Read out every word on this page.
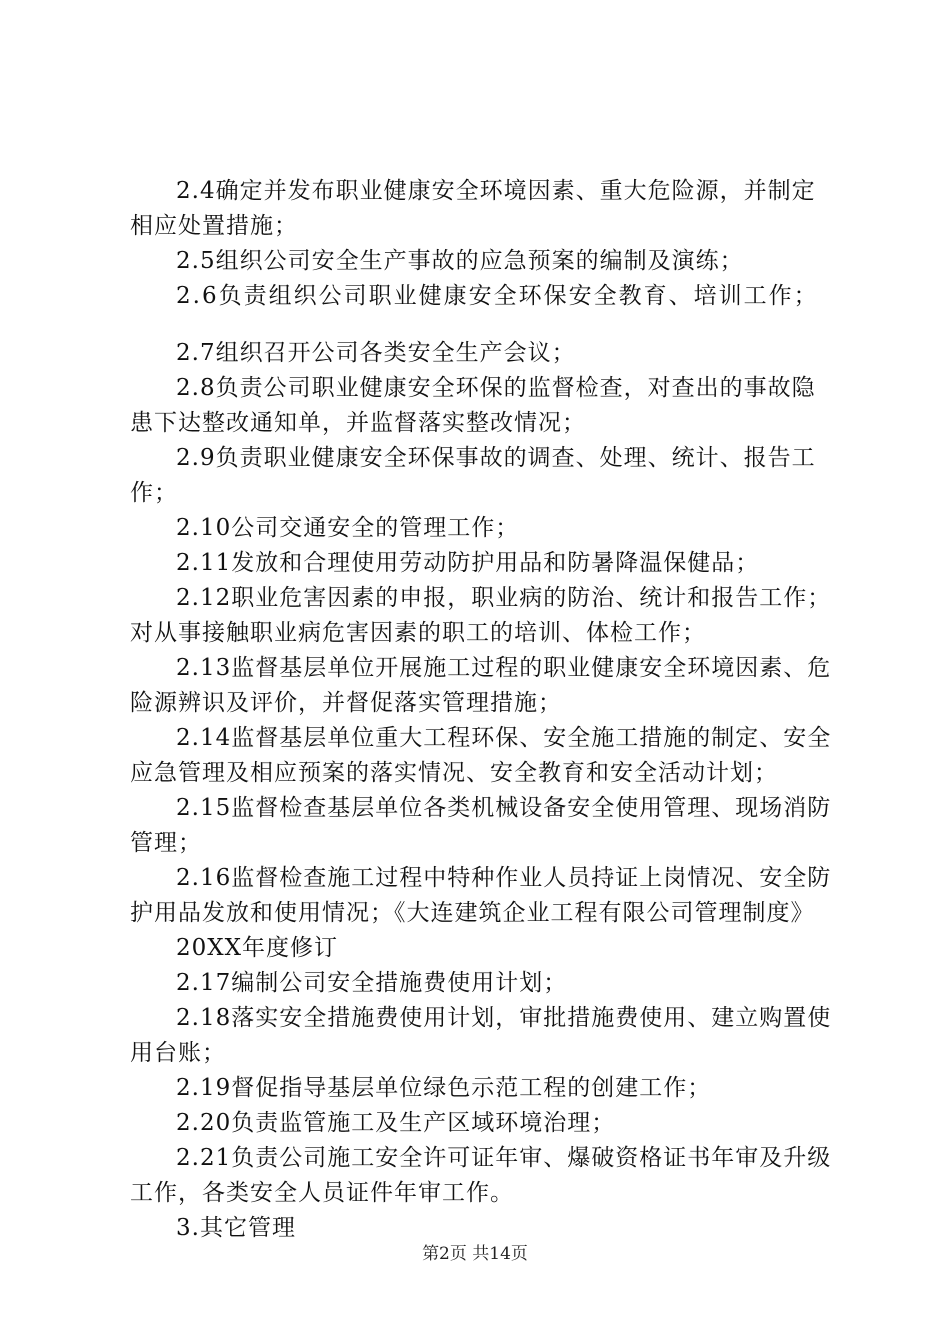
2.4确定并发布职业健康安全环境因素、重大危险源，并制定相应处置措施；

2.5组织公司安全生产事故的应急预案的编制及演练；

2.6负责组织公司职业健康安全环保安全教育、培训工作；

2.7组织召开公司各类安全生产会议；

2.8负责公司职业健康安全环保的监督检查，对查出的事故隐患下达整改通知单，并监督落实整改情况；

2.9负责职业健康安全环保事故的调查、处理、统计、报告工作；

2.10公司交通安全的管理工作；

2.11发放和合理使用劳动防护用品和防暑降温保健品；

2.12职业危害因素的申报，职业病的防治、统计和报告工作；对从事接触职业病危害因素的职工的培训、体检工作；

2.13监督基层单位开展施工过程的职业健康安全环境因素、危险源辨识及评价，并督促落实管理措施；

2.14监督基层单位重大工程环保、安全施工措施的制定、安全应急管理及相应预案的落实情况、安全教育和安全活动计划；

2.15监督检查基层单位各类机械设备安全使用管理、现场消防管理；

2.16监督检查施工过程中特种作业人员持证上岗情况、安全防护用品发放和使用情况；《大连建筑企业工程有限公司管理制度》

20XX年度修订

2.17编制公司安全措施费使用计划；

2.18落实安全措施费使用计划，审批措施费使用、建立购置使用台账；

2.19督促指导基层单位绿色示范工程的创建工作；

2.20负责监管施工及生产区域环境治理；

2.21负责公司施工安全许可证年审、爆破资格证书年审及升级工作，各类安全人员证件年审工作。

3.其它管理

第2页 共14页
